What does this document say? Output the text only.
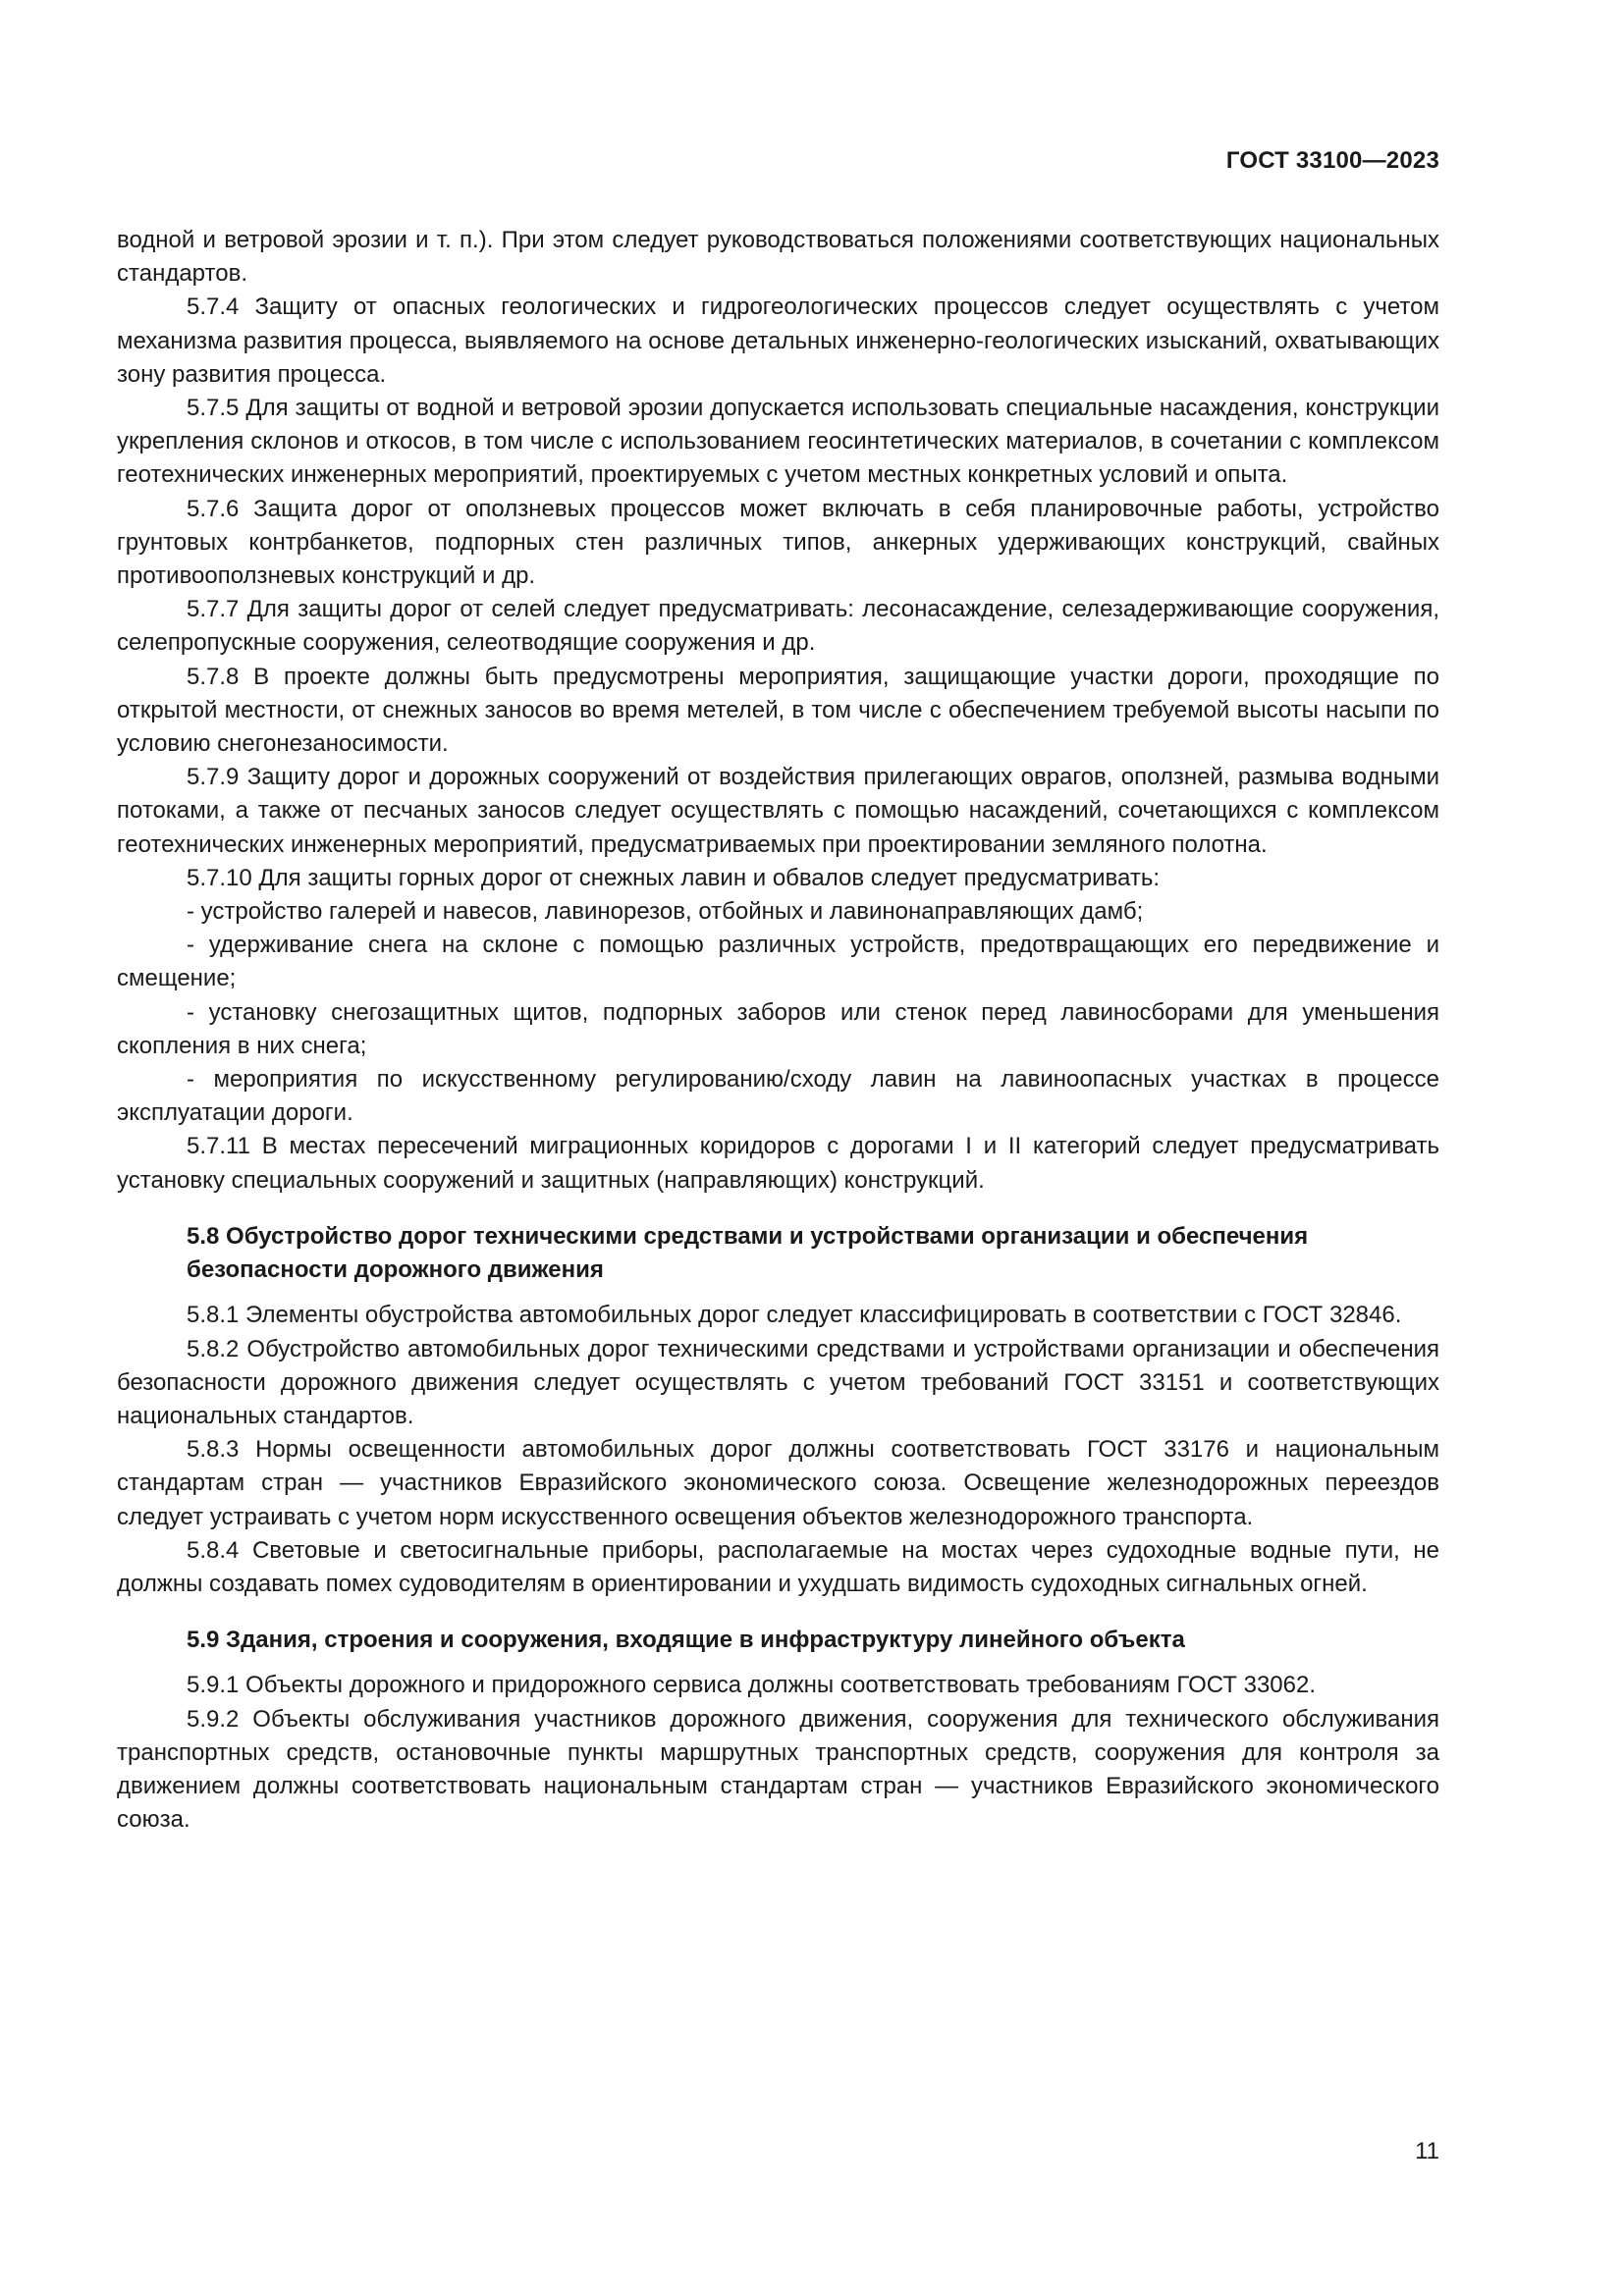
ГОСТ 33100—2023

водной и ветровой эрозии и т. п.). При этом следует руководствоваться положениями соответствующих национальных стандартов.

5.7.4 Защиту от опасных геологических и гидрогеологических процессов следует осуществлять с учетом механизма развития процесса, выявляемого на основе детальных инженерно-геологических изысканий, охватывающих зону развития процесса.

5.7.5 Для защиты от водной и ветровой эрозии допускается использовать специальные насаждения, конструкции укрепления склонов и откосов, в том числе с использованием геосинтетических материалов, в сочетании с комплексом геотехнических инженерных мероприятий, проектируемых с учетом местных конкретных условий и опыта.

5.7.6 Защита дорог от оползневых процессов может включать в себя планировочные работы, устройство грунтовых контрбанкетов, подпорных стен различных типов, анкерных удерживающих конструкций, свайных противооползневых конструкций и др.

5.7.7 Для защиты дорог от селей следует предусматривать: лесонасаждение, селезадерживающие сооружения, селепропускные сооружения, селеотводящие сооружения и др.

5.7.8 В проекте должны быть предусмотрены мероприятия, защищающие участки дороги, проходящие по открытой местности, от снежных заносов во время метелей, в том числе с обеспечением требуемой высоты насыпи по условию снегонезаносимости.

5.7.9 Защиту дорог и дорожных сооружений от воздействия прилегающих оврагов, оползней, размыва водными потоками, а также от песчаных заносов следует осуществлять с помощью насаждений, сочетающихся с комплексом геотехнических инженерных мероприятий, предусматриваемых при проектировании земляного полотна.

5.7.10 Для защиты горных дорог от снежных лавин и обвалов следует предусматривать:

- устройство галерей и навесов, лавинорезов, отбойных и лавинонаправляющих дамб;

- удерживание снега на склоне с помощью различных устройств, предотвращающих его передвижение и смещение;

- установку снегозащитных щитов, подпорных заборов или стенок перед лавиносборами для уменьшения скопления в них снега;

- мероприятия по искусственному регулированию/сходу лавин на лавиноопасных участках в процессе эксплуатации дороги.

5.7.11 В местах пересечений миграционных коридоров с дорогами I и II категорий следует предусматривать установку специальных сооружений и защитных (направляющих) конструкций.

5.8 Обустройство дорог техническими средствами и устройствами организации и обеспечения безопасности дорожного движения

5.8.1 Элементы обустройства автомобильных дорог следует классифицировать в соответствии с ГОСТ 32846.

5.8.2 Обустройство автомобильных дорог техническими средствами и устройствами организации и обеспечения безопасности дорожного движения следует осуществлять с учетом требований ГОСТ 33151 и соответствующих национальных стандартов.

5.8.3 Нормы освещенности автомобильных дорог должны соответствовать ГОСТ 33176 и национальным стандартам стран — участников Евразийского экономического союза. Освещение железнодорожных переездов следует устраивать с учетом норм искусственного освещения объектов железнодорожного транспорта.

5.8.4 Световые и светосигнальные приборы, располагаемые на мостах через судоходные водные пути, не должны создавать помех судоводителям в ориентировании и ухудшать видимость судоходных сигнальных огней.

5.9 Здания, строения и сооружения, входящие в инфраструктуру линейного объекта

5.9.1 Объекты дорожного и придорожного сервиса должны соответствовать требованиям ГОСТ 33062.

5.9.2 Объекты обслуживания участников дорожного движения, сооружения для технического обслуживания транспортных средств, остановочные пункты маршрутных транспортных средств, сооружения для контроля за движением должны соответствовать национальным стандартам стран — участников Евразийского экономического союза.

11
